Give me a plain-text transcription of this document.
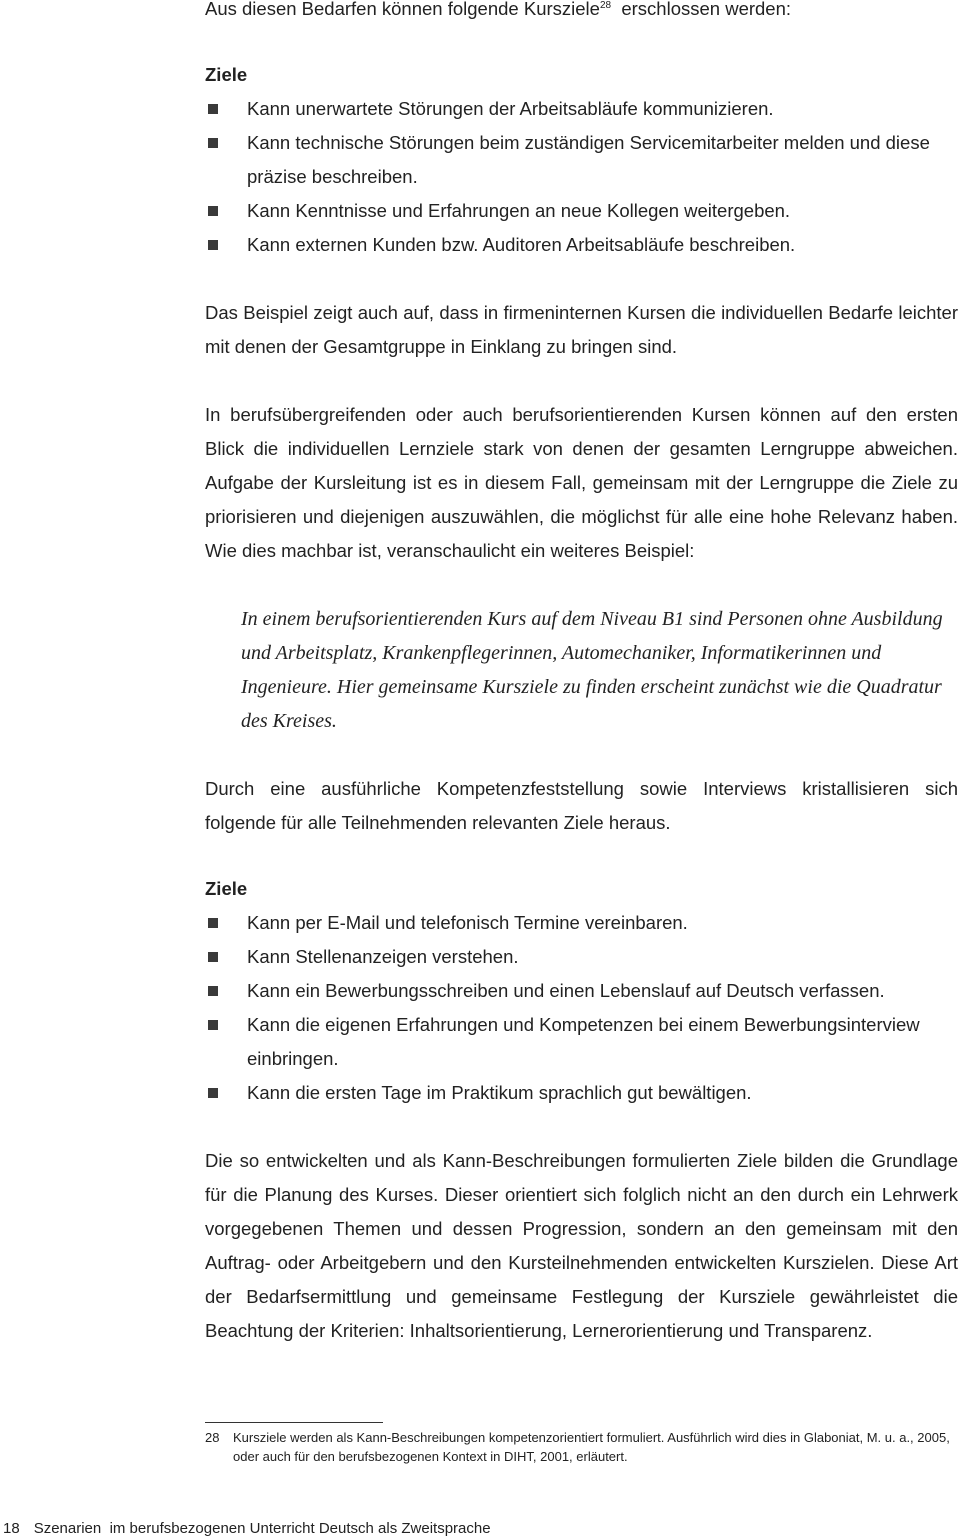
Aus diesen Bedarfen können folgende Kursziele$^{28}$  erschlossen werden:

Ziele
Kann unerwartete Störungen der Arbeitsabläufe kommunizieren.
Kann technische Störungen beim zuständigen Servicemitarbeiter melden und diese präzise beschreiben.
Kann Kenntnisse und Erfahrungen an neue Kollegen weitergeben.
Kann externen Kunden bzw. Auditoren Arbeitsabläufe beschreiben.

Das Beispiel zeigt auch auf, dass in firmeninternen Kursen die individuellen Bedarfe leichter mit denen der Gesamtgruppe in Einklang zu bringen sind.

In berufsübergreifenden oder auch berufsorientierenden Kursen können auf den ersten Blick die individuellen Lernziele stark von denen der gesamten Lerngruppe abweichen. Aufgabe der Kursleitung ist es in diesem Fall, gemeinsam mit der Lerngruppe die Ziele zu priorisieren und diejenigen auszuwählen, die möglichst für alle eine hohe Relevanz haben. Wie dies machbar ist, veranschaulicht ein weiteres Beispiel:

In einem berufsorientierenden Kurs auf dem Niveau B1 sind Personen ohne Ausbildung und Arbeitsplatz, Krankenpflegerinnen, Automechaniker, Informatikerinnen und Ingenieure. Hier gemeinsame Kursziele zu finden erscheint zunächst wie die Quadratur des Kreises.

Durch eine ausführliche Kompetenzfeststellung sowie Interviews kristallisieren sich folgende für alle Teilnehmenden relevanten Ziele heraus.

Ziele
Kann per E-Mail und telefonisch Termine vereinbaren.
Kann Stellenanzeigen verstehen.
Kann ein Bewerbungsschreiben und einen Lebenslauf auf Deutsch verfassen.
Kann die eigenen Erfahrungen und Kompetenzen bei einem Bewerbungsinterview einbringen.
Kann die ersten Tage im Praktikum sprachlich gut bewältigen.

Die so entwickelten und als Kann-Beschreibungen formulierten Ziele bilden die Grundlage für die Planung des Kurses. Dieser orientiert sich folglich nicht an den durch ein Lehrwerk vorgegebenen Themen und dessen Progression, sondern an den gemeinsam mit den Auftrag- oder Arbeitgebern und den Kursteilnehmenden entwickelten Kurszielen. Diese Art der Bedarfsermittlung und gemeinsame Festlegung der Kursziele gewährleistet die Beachtung der Kriterien: Inhaltsorientierung, Lernerorientierung und Transparenz.

28 Kursziele werden als Kann-Beschreibungen kompetenzorientiert formuliert. Ausführlich wird dies in Glaboniat, M. u. a., 2005, oder auch für den berufsbezogenen Kontext in DIHT, 2001, erläutert.
18 Szenarien  im berufsbezogenen Unterricht Deutsch als Zweitsprache
